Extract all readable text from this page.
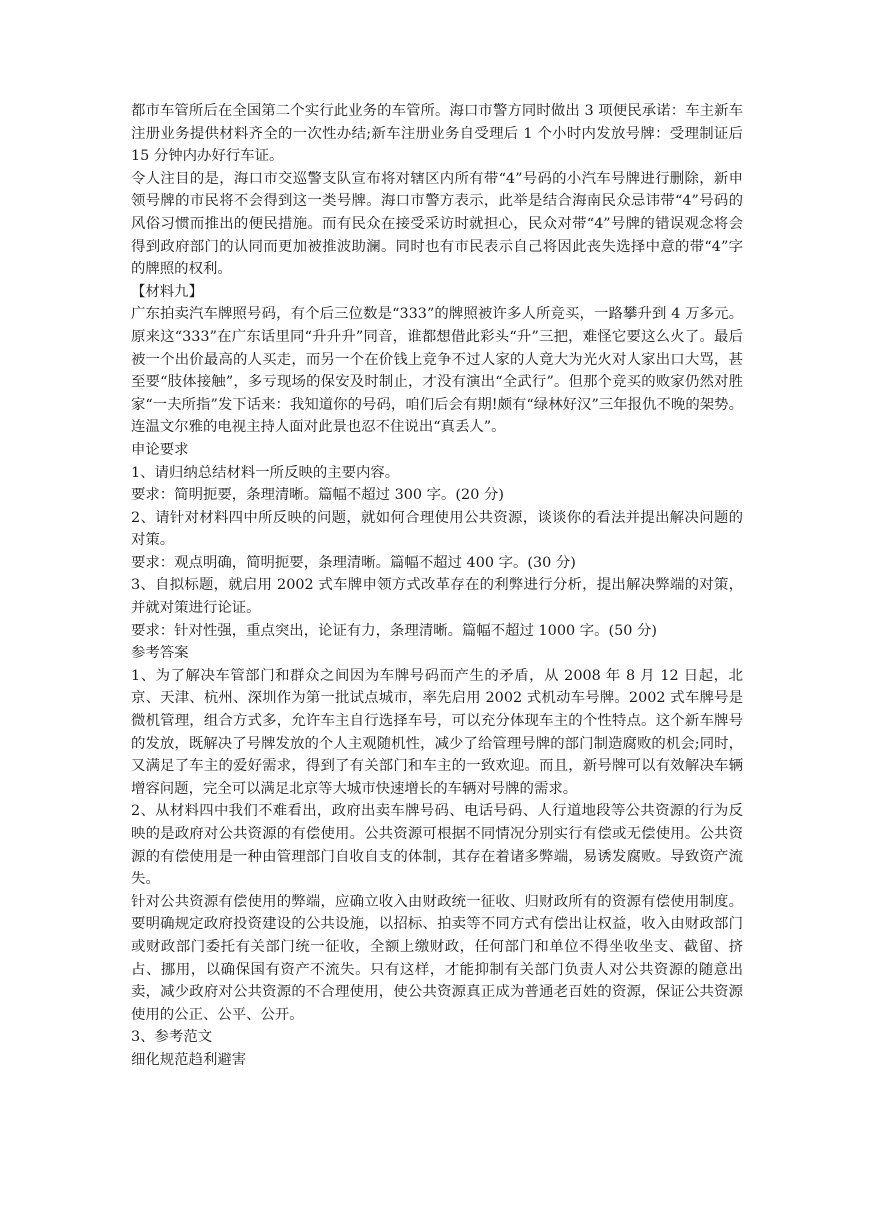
都市车管所后在全国第二个实行此业务的车管所。海口市警方同时做出 3 项便民承诺：车主新车注册业务提供材料齐全的一次性办结;新车注册业务自受理后 1 个小时内发放号牌：受理制证后 15 分钟内办好行车证。

令人注目的是，海口市交巡警支队宣布将对辖区内所有带“4”号码的小汽车号牌进行删除，新申领号牌的市民将不会得到这一类号牌。海口市警方表示，此举是结合海南民众忌讳带“4”号码的风俗习惯而推出的便民措施。而有民众在接受采访时就担心，民众对带“4”号牌的错误观念将会得到政府部门的认同而更加被推波助澜。同时也有市民表示自己将因此丧失选择中意的带“4”字的牌照的权利。

【材料九】

广东拍卖汽车牌照号码，有个后三位数是“333”的牌照被许多人所竞买，一路攀升到 4 万多元。原来这“333”在广东话里同“升升升”同音，谁都想借此彩头“升”三把，难怪它要这么火了。最后被一个出价最高的人买走，而另一个在价钱上竞争不过人家的人竟大为光火对人家出口大骂，甚至要“肢体接触”，多亏现场的保安及时制止，才没有演出“全武行”。但那个竞买的败家仍然对胜家“一夫所指”发下话来：我知道你的号码，咱们后会有期!颇有“绿林好汉”三年报仇不晚的架势。连温文尔雅的电视主持人面对此景也忍不住说出“真丢人”。

申论要求

1、请归纳总结材料一所反映的主要内容。

要求：简明扼要，条理清晰。篇幅不超过 300 字。(20 分)

2、请针对材料四中所反映的问题，就如何合理使用公共资源，谈谈你的看法并提出解决问题的对策。

要求：观点明确，简明扼要，条理清晰。篇幅不超过 400 字。(30 分)

3、自拟标题，就启用 2002 式车牌申领方式改革存在的利弊进行分析，提出解决弊端的对策，并就对策进行论证。

要求：针对性强，重点突出，论证有力，条理清晰。篇幅不超过 1000 字。(50 分)

参考答案

1、为了解决车管部门和群众之间因为车牌号码而产生的矛盾，从 2008 年 8 月 12 日起，北京、天津、杭州、深圳作为第一批试点城市，率先启用 2002 式机动车号牌。2002 式车牌号是微机管理，组合方式多，允许车主自行选择车号，可以充分体现车主的个性特点。这个新车牌号的发放，既解决了号牌发放的个人主观随机性，减少了给管理号牌的部门制造腐败的机会;同时，又满足了车主的爱好需求，得到了有关部门和车主的一致欢迎。而且，新号牌可以有效解决车辆增容问题，完全可以满足北京等大城市快速增长的车辆对号牌的需求。

2、从材料四中我们不难看出，政府出卖车牌号码、电话号码、人行道地段等公共资源的行为反映的是政府对公共资源的有偿使用。公共资源可根据不同情况分别实行有偿或无偿使用。公共资源的有偿使用是一种由管理部门自收自支的体制，其存在着诸多弊端，易诱发腐败。导致资产流失。

针对公共资源有偿使用的弊端，应确立收入由财政统一征收、归财政所有的资源有偿使用制度。要明确规定政府投资建设的公共设施，以招标、拍卖等不同方式有偿出让权益，收入由财政部门或财政部门委托有关部门统一征收，全额上缴财政，任何部门和单位不得坐收坐支、截留、挤占、挪用，以确保国有资产不流失。只有这样，才能抑制有关部门负责人对公共资源的随意出卖，减少政府对公共资源的不合理使用，使公共资源真正成为普通老百姓的资源，保证公共资源使用的公正、公平、公开。

3、参考范文

细化规范趋利避害
